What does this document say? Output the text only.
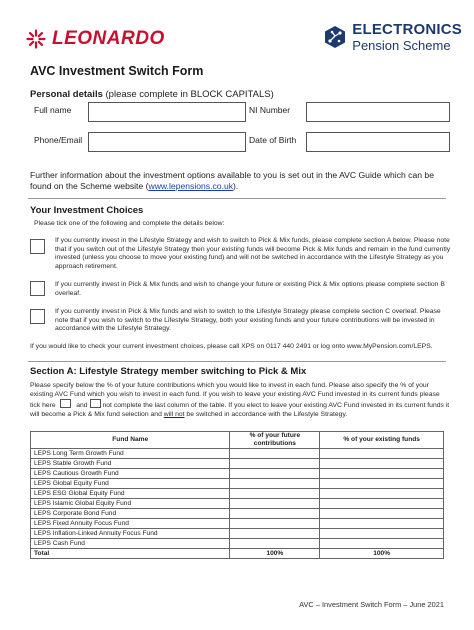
LEONARDO	ELECTRONICS
Pension Scheme
AVC Investment Switch Form
Personal details (please complete in BLOCK CAPITALS)
Full name	NI Number
Phone/Email	Date of Birth
Further information about the investment options available to you is set out in the AVC Guide which can be found on the Scheme website (www.lepensions.co.uk).
Your Investment Choices
Please tick one of the following and complete the details below:
If you currently invest in the Lifestyle Strategy and wish to switch to Pick & Mix funds, please complete section A below. Please note that if you switch out of the Lifestyle Strategy then your existing funds will become Pick & Mix funds and remain in the fund currently invested (unless you choose to move your existing fund) and will not be switched in accordance with the Lifestyle Strategy as you approach retirement.
If you currently invest in Pick & Mix funds and wish to change your future or existing Pick & Mix options please complete section B overleaf.
If you currently invest in Pick & Mix funds and wish to switch to the Lifestyle Strategy please complete section C overleaf. Please note that if you wish to switch to the Lifestyle Strategy, both your existing funds and your future contributions will be invested in accordance with the Lifestyle Strategy.
If you would like to check your current investment choices, please call XPS on 0117 440 2491 or log onto www.MyPension.com/LEPS.
Section A: Lifestyle Strategy member switching to Pick & Mix
Please specify below the % of your future contributions which you would like to invest in each fund. Please also specify the % of your existing AVC Fund which you wish to invest in each fund. If you wish to leave your existing AVC Fund invested in its current funds please tick here	and not complete the last column of the table. If you elect to leave your existing AVC Fund invested in its current funds it will become a Pick & Mix fund selection and will not be switched in accordance with the Lifestyle Strategy.
Fund Name	% of your future contributions	% of your existing funds
LEPS Long Term Growth Fund		
LEPS Stable Growth Fund		
LEPS Cautious Growth Fund		
LEPS Global Equity Fund		
LEPS ESG Global Equity Fund		
LEPS Islamic Global Equity Fund		
LEPS Corporate Bond Fund		
LEPS Fixed Annuity Focus Fund		
LEPS Inflation-Linked Annuity Focus Fund		
LEPS Cash Fund		
Total	100%	100%
AVC – Investment Switch Form – June 2021
